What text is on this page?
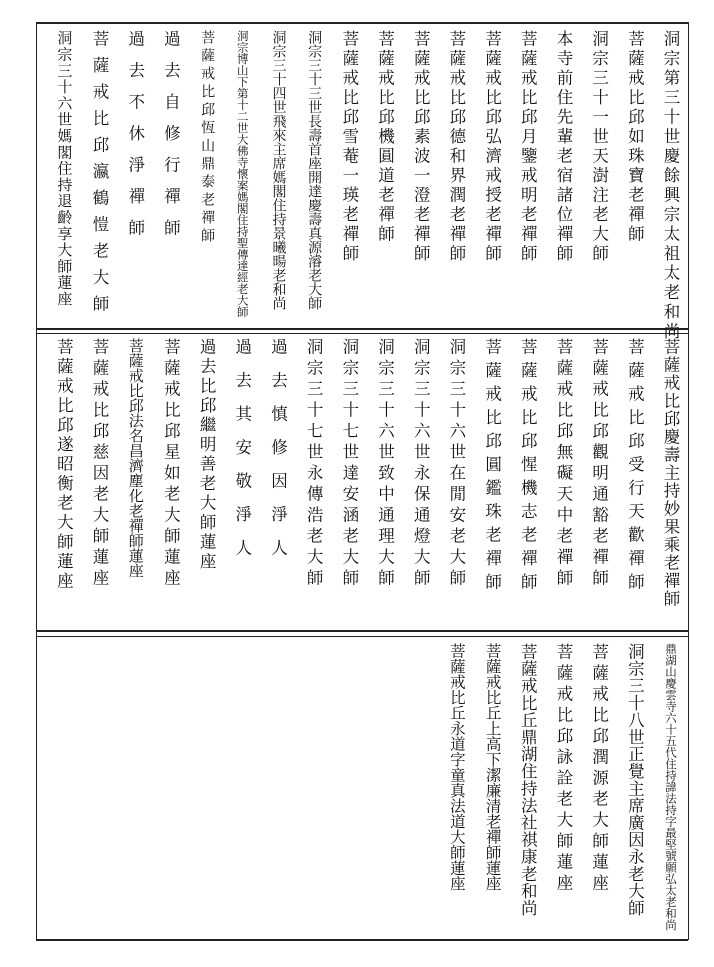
洞宗第三十世慶餘興宗太祖太老和尚
菩薩戒比邱如珠寶老禪師
洞宗三十一世天澍注老大師
本寺前住先輩老宿諸位禪師
菩薩戒比邱月鑒戒明老禪師
菩薩戒比邱弘濟戒授老禪師
菩薩戒比邱德和界潤老禪師
菩薩戒比邱素波一澄老禪師
菩薩戒比邱機圓道老禪師
菩薩戒比邱雪菴一瑛老禪師
洞宗三十三世長壽首座開達慶壽真源濬老大師
洞宗三十四世飛來主席媽閣住持景曦暘老和尚
洞宗博山下第十二世大佛寺懷案媽閣住持聖傳達經老大師
菩薩戒比邱恆山鼎泰老禪師
過去自修行禪師
過去不休淨禪師
菩薩戒比邱瀛鶴愷老大師
洞宗三十六世媽閣住持退齡享大師蓮座
菩薩戒比邱慶壽主持妙果乘老禪師
菩薩戒比邱受行天歡禪師
菩薩戒比邱觀明通豁老禪師
菩薩戒比邱無礙天中老禪師
菩薩戒比邱惺機志老禪師
菩薩戒比邱圓鑑珠老禪師
洞宗三十六世在閒安老大師
洞宗三十六世永保通燈大師
洞宗三十六世致中通理大師
洞宗三十七世達安涵老大師
洞宗三十七世永傳浩老大師
過去慎修因淨人
過去其安敬淨人
過去比邱繼明善老大師蓮座
菩薩戒比邱星如老大師蓮座
菩薩戒比邱法名昌濟塵化老禪師蓮座
菩薩戒比邱慈因老大師蓮座
菩薩戒比邱遂昭衡老大師蓮座
鼎湖山慶雲寺六十五代住持諱法持字最堅號願弘太老和尚
洞宗三十八世正覺主席廣因永老大師
菩薩戒比邱潤源老大師蓮座
菩薩戒比邱詠詮老大師蓮座
菩薩戒比丘鼎湖住持法社祺康老和尚
菩薩戒比丘上高下潔廉清老禪師蓮座
菩薩戒比丘永道字童真法道大師蓮座
